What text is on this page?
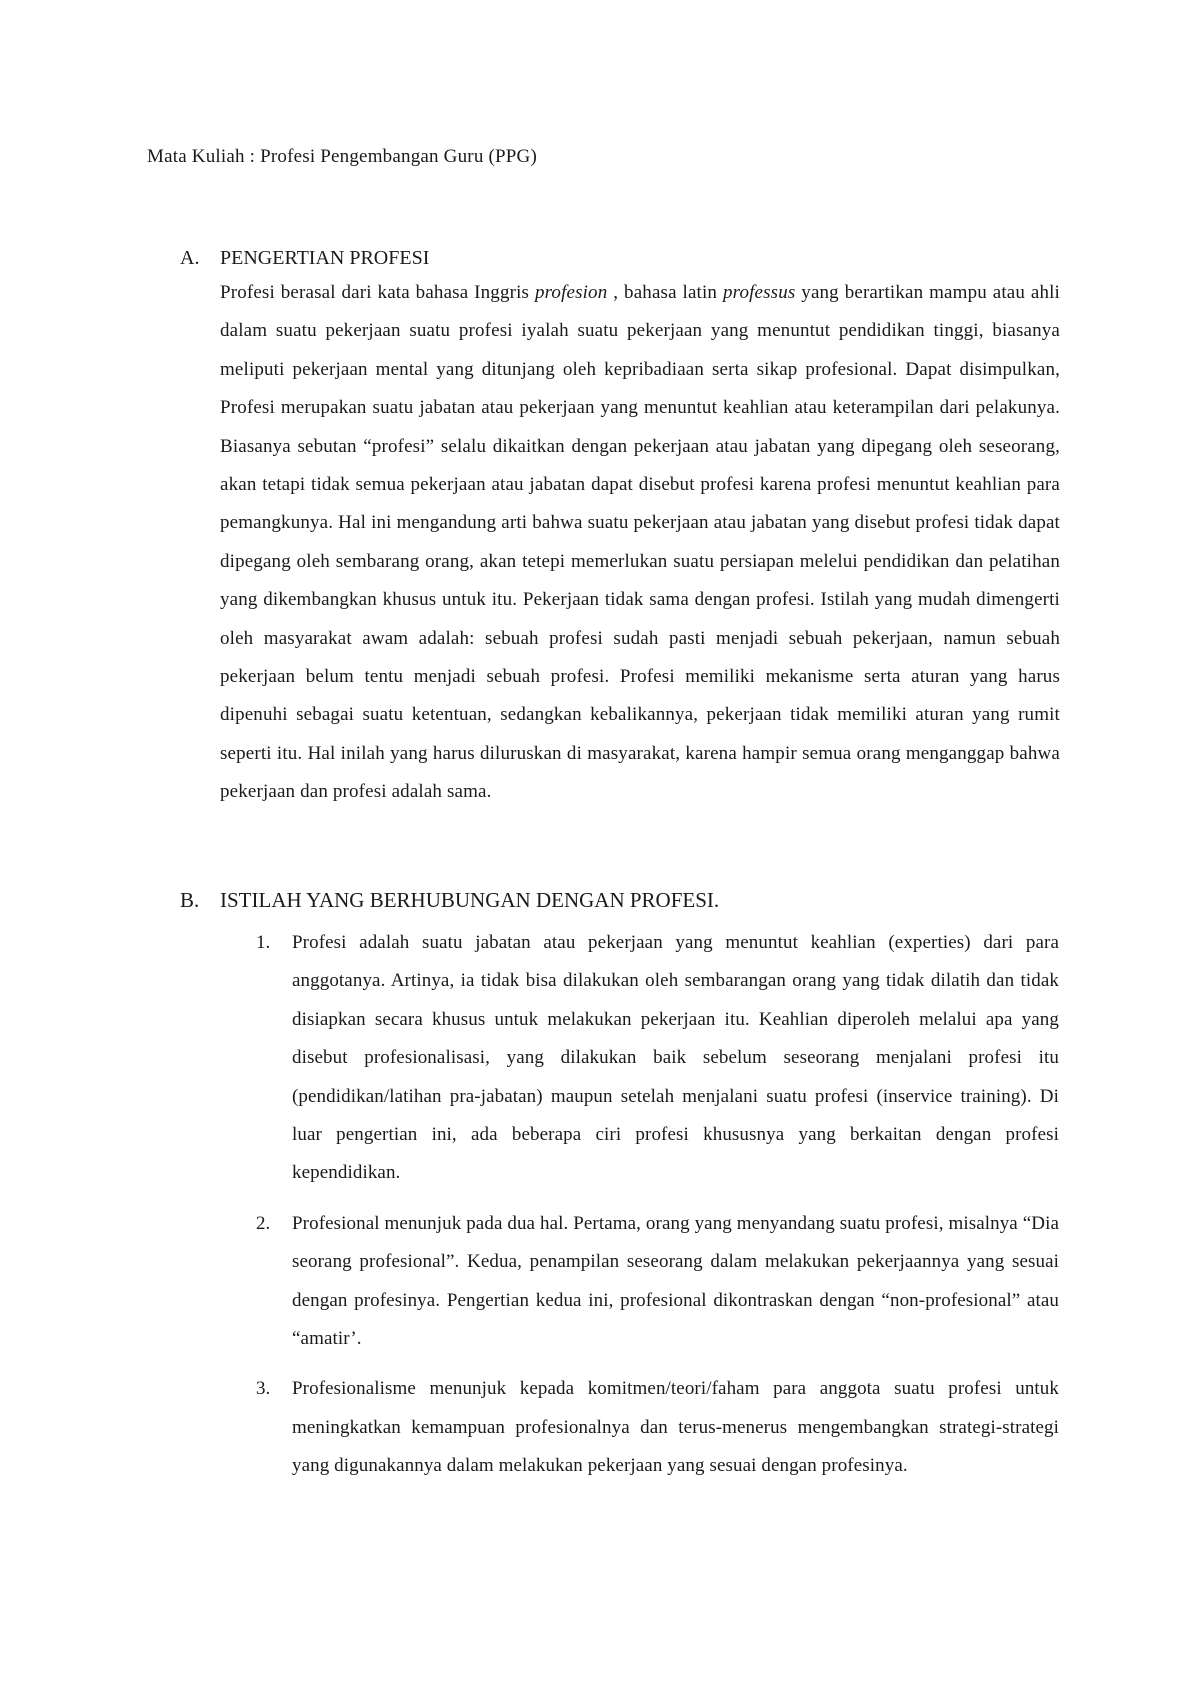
Mata Kuliah : Profesi Pengembangan Guru (PPG)
A.	PENGERTIAN PROFESI

Profesi berasal dari kata bahasa Inggris profesion , bahasa latin professus yang berartikan mampu atau ahli dalam suatu pekerjaan suatu profesi iyalah suatu pekerjaan yang menuntut pendidikan tinggi, biasanya meliputi pekerjaan mental yang ditunjang oleh kepribadiaan serta sikap profesional. Dapat disimpulkan, Profesi merupakan suatu jabatan atau pekerjaan yang menuntut keahlian atau keterampilan dari pelakunya. Biasanya sebutan “profesi” selalu dikaitkan dengan pekerjaan atau jabatan yang dipegang oleh seseorang, akan tetapi tidak semua pekerjaan atau jabatan dapat disebut profesi karena profesi menuntut keahlian para pemangkunya. Hal ini mengandung arti bahwa suatu pekerjaan atau jabatan yang disebut profesi tidak dapat dipegang oleh sembarang orang, akan tetepi memerlukan suatu persiapan melelui pendidikan dan pelatihan yang dikembangkan khusus untuk itu. Pekerjaan tidak sama dengan profesi. Istilah yang mudah dimengerti oleh masyarakat awam adalah: sebuah profesi sudah pasti menjadi sebuah pekerjaan, namun sebuah pekerjaan belum tentu menjadi sebuah profesi. Profesi memiliki mekanisme serta aturan yang harus dipenuhi sebagai suatu ketentuan, sedangkan kebalikannya, pekerjaan tidak memiliki aturan yang rumit seperti itu. Hal inilah yang harus diluruskan di masyarakat, karena hampir semua orang menganggap bahwa pekerjaan dan profesi adalah sama.

B. ISTILAH YANG BERHUBUNGAN DENGAN PROFESI.
1.	Profesi adalah suatu jabatan atau pekerjaan yang menuntut keahlian (experties) dari para anggotanya. Artinya, ia tidak bisa dilakukan oleh sembarangan orang yang tidak dilatih dan tidak disiapkan secara khusus untuk melakukan pekerjaan itu. Keahlian diperoleh melalui apa yang disebut profesionalisasi, yang dilakukan baik sebelum seseorang menjalani profesi itu (pendidikan/latihan pra-jabatan) maupun setelah menjalani suatu profesi (inservice training). Di luar pengertian ini, ada beberapa ciri profesi khususnya yang berkaitan dengan profesi kependidikan.
2.	Profesional menunjuk pada dua hal. Pertama, orang yang menyandang suatu profesi, misalnya “Dia seorang profesional”. Kedua, penampilan seseorang dalam melakukan pekerjaannya yang sesuai dengan profesinya. Pengertian kedua ini, profesional dikontraskan dengan “non-profesional” atau “amatir’.
3.	Profesionalisme menunjuk kepada komitmen/teori/faham para anggota suatu profesi untuk meningkatkan kemampuan profesionalnya dan terus-menerus mengembangkan strategi-strategi yang digunakannya dalam melakukan pekerjaan yang sesuai dengan profesinya.
